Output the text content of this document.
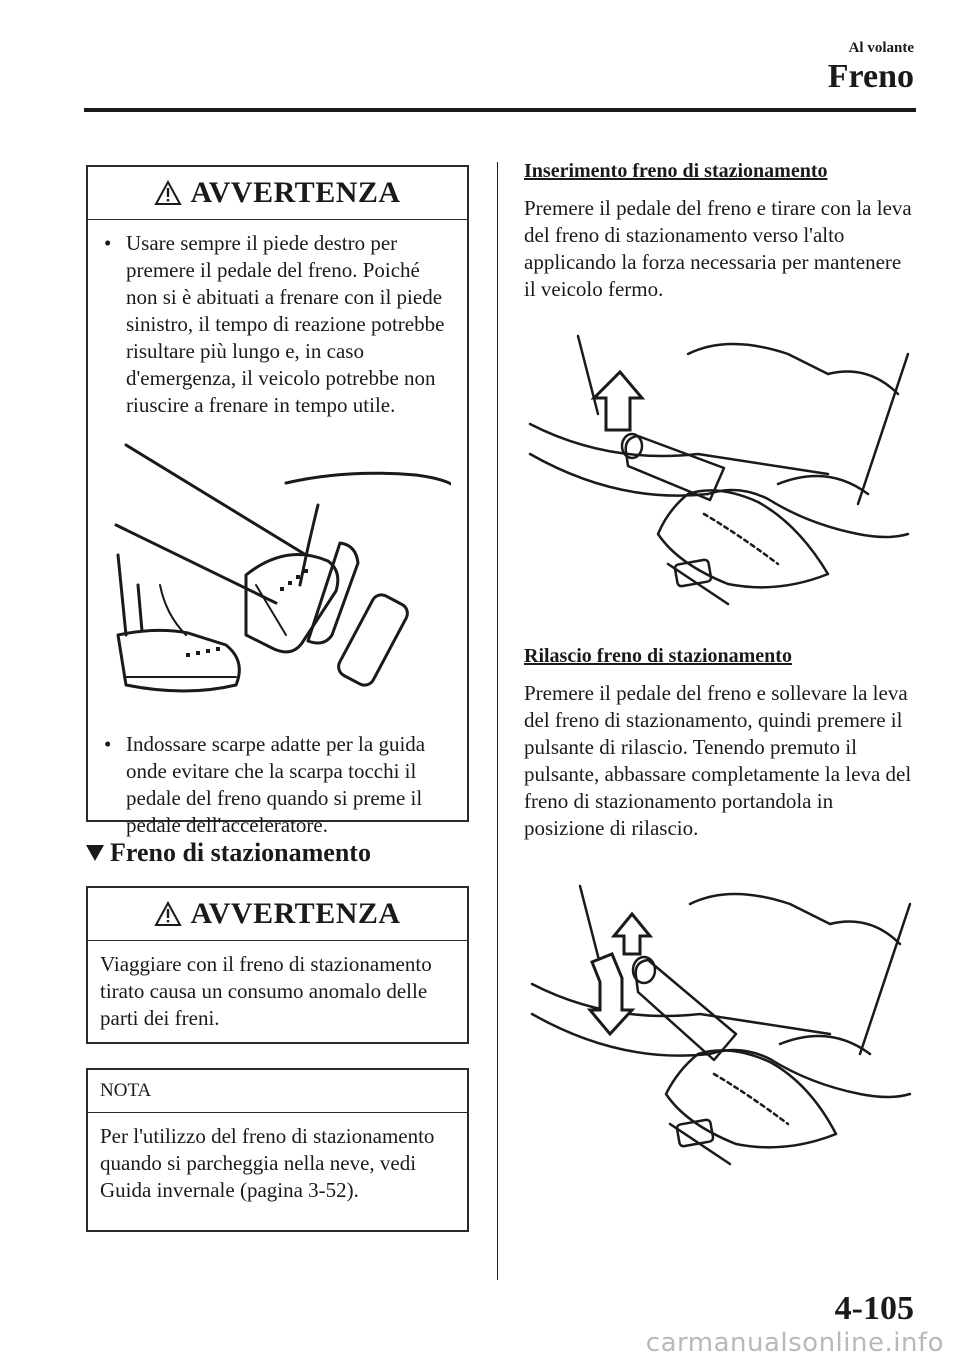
Al volante
Freno
AVVERTENZA
• Usare sempre il piede destro per premere il pedale del freno. Poiché non si è abituati a frenare con il piede sinistro, il tempo di reazione potrebbe risultare più lungo e, in caso d'emergenza, il veicolo potrebbe non riuscire a frenare in tempo utile.
• Indossare scarpe adatte per la guida onde evitare che la scarpa tocchi il pedale del freno quando si preme il pedale dell'acceleratore.
Freno di stazionamento
AVVERTENZA
Viaggiare con il freno di stazionamento tirato causa un consumo anomalo delle parti dei freni.
NOTA
Per l'utilizzo del freno di stazionamento quando si parcheggia nella neve, vedi Guida invernale (pagina 3-52).
Inserimento freno di stazionamento
Premere il pedale del freno e tirare con la leva del freno di stazionamento verso l'alto applicando la forza necessaria per mantenere il veicolo fermo.
Rilascio freno di stazionamento
Premere il pedale del freno e sollevare la leva del freno di stazionamento, quindi premere il pulsante di rilascio. Tenendo premuto il pulsante, abbassare completamente la leva del freno di stazionamento portandola in posizione di rilascio.
4-105
carmanualsonline.info
